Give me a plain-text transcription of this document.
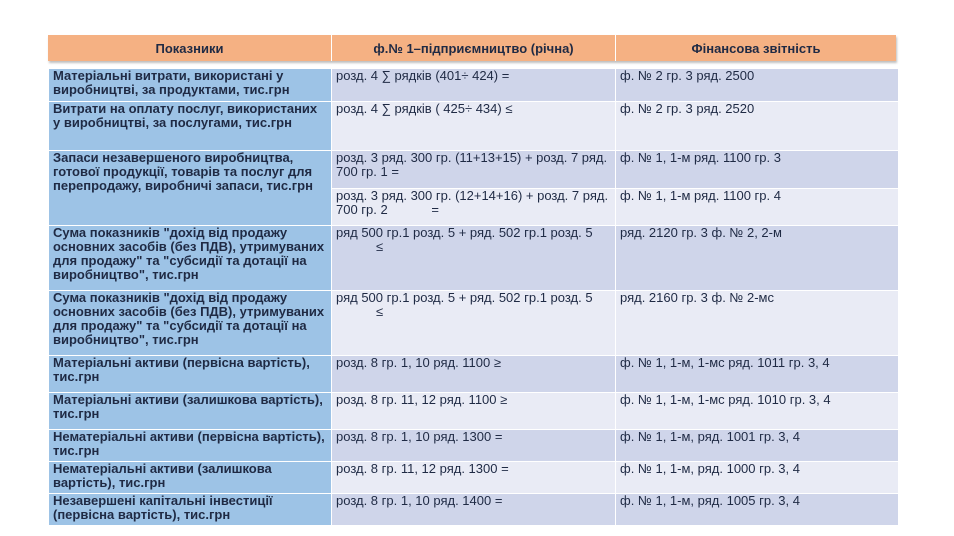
Показники	ф.№ 1–підприємництво (річна)	Фінансова звітність
Матеріальні витрати, використані у виробництві, за продуктами, тис.грн	розд. 4 ∑ рядків (401÷ 424) =	ф. № 2 гр. 3 ряд. 2500
Витрати на оплату послуг, використаних у виробництві, за послугами, тис.грн	розд. 4 ∑ рядків ( 425÷ 434) ≤	ф. № 2 гр. 3 ряд. 2520
Запаси незавершеного виробництва, готової продукції, товарів та послуг для перепродажу, виробничі запаси, тис.грн	розд. 3 ряд. 300 гр. (11+13+15) + розд. 7 ряд. 700 гр. 1 =	ф. № 1, 1-м ряд. 1100 гр. 3
	розд. 3 ряд. 300 гр. (12+14+16) + розд. 7 ряд. 700 гр. 2 =	ф. № 1, 1-м ряд. 1100 гр. 4
Сума показників "дохід від продажу основних засобів (без ПДВ), утримуваних для продажу" та "субсидії та дотації на виробництво", тис.грн	ряд 500 гр.1 розд. 5 + ряд. 502 гр.1 розд. 5 ≤	ряд. 2120 гр. 3 ф. № 2, 2-м
Сума показників "дохід від продажу основних засобів (без ПДВ), утримуваних для продажу" та "субсидії та дотації на виробництво", тис.грн	ряд 500 гр.1 розд. 5 + ряд. 502 гр.1 розд. 5 ≤	ряд. 2160 гр. 3 ф. № 2-мс
Матеріальні активи (первісна вартість), тис.грн	розд. 8 гр. 1, 10 ряд. 1100 ≥	ф. № 1, 1-м, 1-мс ряд. 1011 гр. 3, 4
Матеріальні активи (залишкова вартість), тис.грн	розд. 8 гр. 11, 12 ряд. 1100 ≥	ф. № 1, 1-м, 1-мс ряд. 1010 гр. 3, 4
Нематеріальні активи (первісна вартість), тис.грн	розд. 8 гр. 1, 10 ряд. 1300 =	ф. № 1, 1-м, ряд. 1001 гр. 3, 4
Нематеріальні активи (залишкова вартість), тис.грн	розд. 8 гр. 11, 12 ряд. 1300 =	ф. № 1, 1-м, ряд. 1000 гр. 3, 4
Незавершені капітальні інвестиції (первісна вартість), тис.грн	розд. 8 гр. 1, 10 ряд. 1400 =	ф. № 1, 1-м, ряд. 1005 гр. 3, 4
